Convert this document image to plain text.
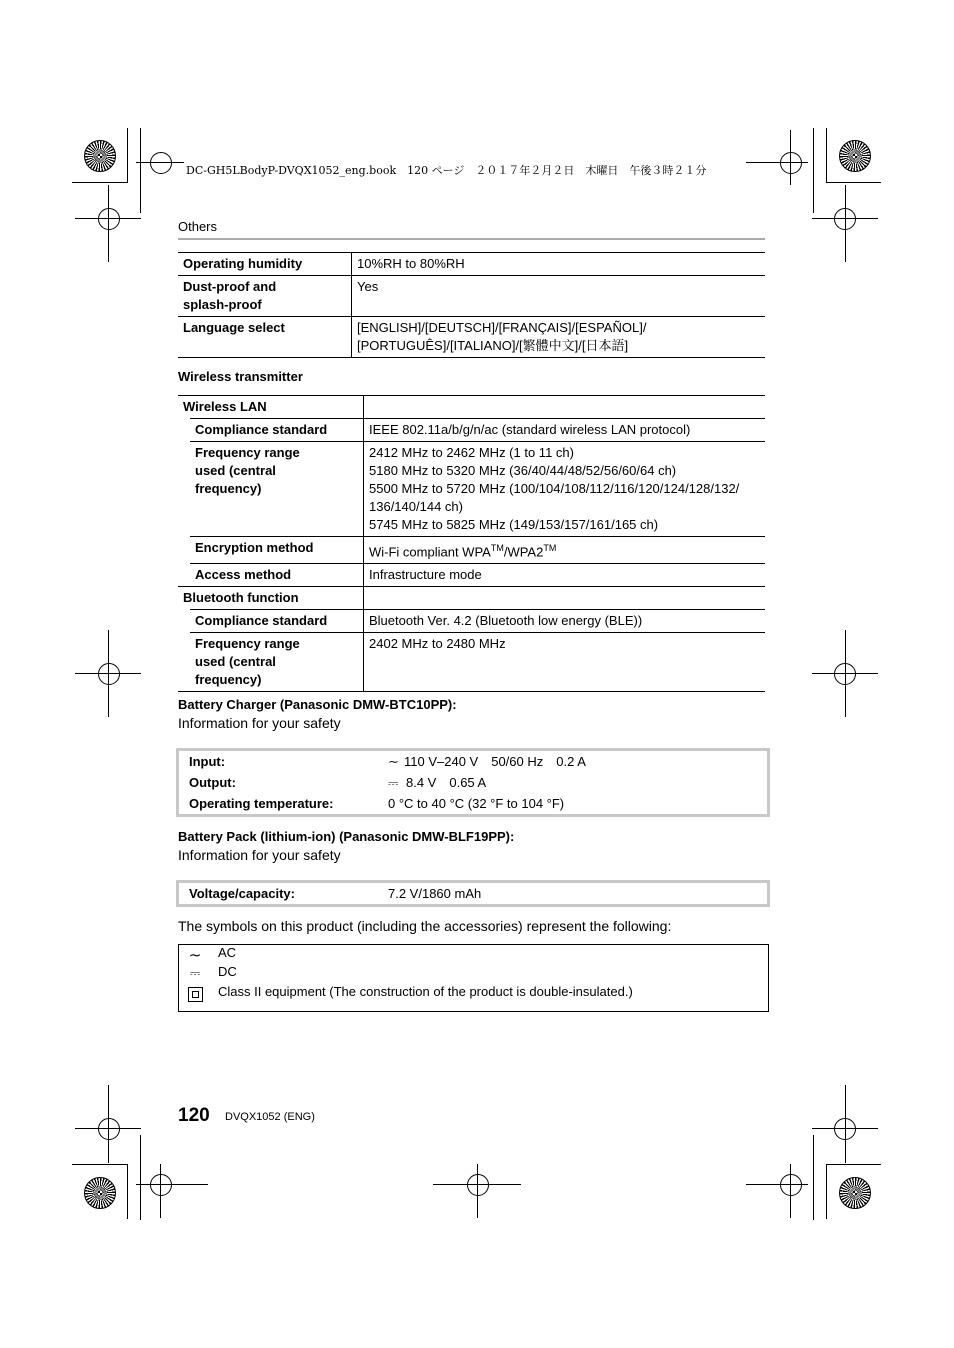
DC-GH5LBodyP-DVQX1052_eng.book　120 ページ　２０１７年２月２日　木曜日　午後３時２１分
Others
Operating humidity	10%RH to 80%RH

Dust-proof and splash-proof	Yes
Language select	[ENGLISH]/[DEUTSCH]/[FRANÇAIS]/[ESPAÑOL]/ [PORTUGUÊS]/[ITALIANO]/[繁體中文]/[日本語]
Wireless transmitter
Wireless LAN		
	Compliance standard	IEEE 802.11a/b/g/n/ac (standard wireless LAN protocol)

	Frequency range used (central frequency)	2412 MHz to 2462 MHz (1 to 11 ch)
5180 MHz to 5320 MHz (36/40/44/48/52/56/60/64 ch)
5500 MHz to 5720 MHz (100/104/108/112/116/120/124/128/132/
136/140/144 ch)
5745 MHz to 5825 MHz (149/153/157/161/165 ch)

	Encryption method	Wi-Fi compliant WPA™/WPA2™
	Access method	Infrastructure mode
Bluetooth function		
	Compliance standard	Bluetooth Ver. 4.2 (Bluetooth low energy (BLE))

	Frequency range used (central frequency)	2402 MHz to 2480 MHz
Battery Charger (Panasonic DMW-BTC10PP):
Information for your safety
Input:	∼ 110 V–240 V　50/60 Hz　0.2 A
Output:	⎓ 8.4 V　0.65 A
Operating temperature:	0 °C to 40 °C (32 °F to 104 °F)
Battery Pack (lithium-ion) (Panasonic DMW-BLF19PP):
Information for your safety
Voltage/capacity:	7.2 V/1860 mAh
The symbols on this product (including the accessories) represent the following:
∼ AC
⎓ DC
Class II equipment (The construction of the product is double-insulated.)
120 DVQX1052 (ENG)
